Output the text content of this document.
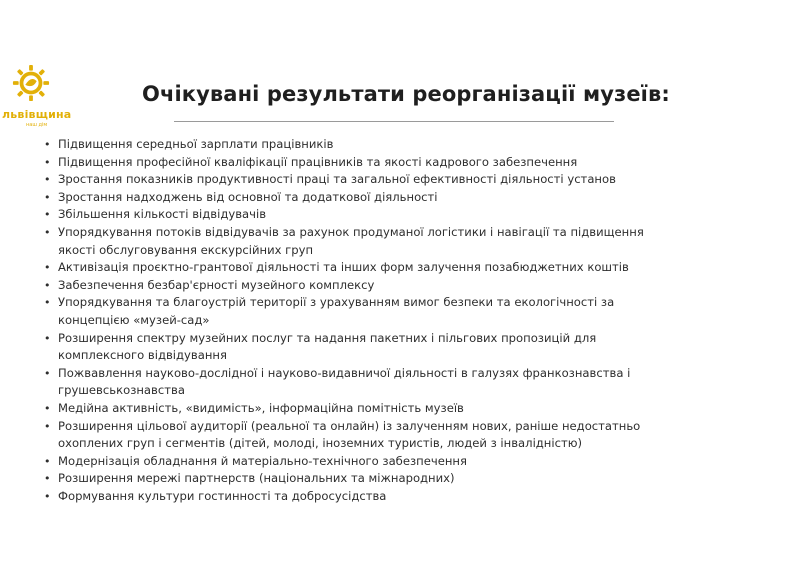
львівщина
наш дім
Очікувані результати реорганізації музеїв:
• Підвищення середньої зарплати працівників
• Підвищення професійної кваліфікації працівників та якості кадрового забезпечення
• Зростання показників продуктивності праці та загальної ефективності діяльності установ
• Зростання надходжень від основної та додаткової діяльності
• Збільшення кількості відвідувачів
• Упорядкування потоків відвідувачів за рахунок продуманої логістики і навігації та підвищення
якості обслуговування екскурсійних груп
• Активізація проєктно-грантової діяльності та інших форм залучення позабюджетних коштів
• Забезпечення безбар'єрності музейного комплексу
• Упорядкування та благоустрій території з урахуванням вимог безпеки та екологічності за
концепцією «музей-сад»
• Розширення спектру музейних послуг та надання пакетних і пільгових пропозицій для
комплексного відвідування
• Пожвавлення науково-дослідної і науково-видавничої діяльності в галузях франкознавства і
грушевськознавства
• Медійна активність, «видимість», інформаційна помітність музеїв
• Розширення цільової аудиторії (реальної та онлайн) із залученням нових, раніше недостатньо
охоплених груп і сегментів (дітей, молоді, іноземних туристів, людей з інвалідністю)
• Модернізація обладнання й матеріально-технічного забезпечення
• Розширення мережі партнерств (національних та міжнародних)
• Формування культури гостинності та добросусідства
